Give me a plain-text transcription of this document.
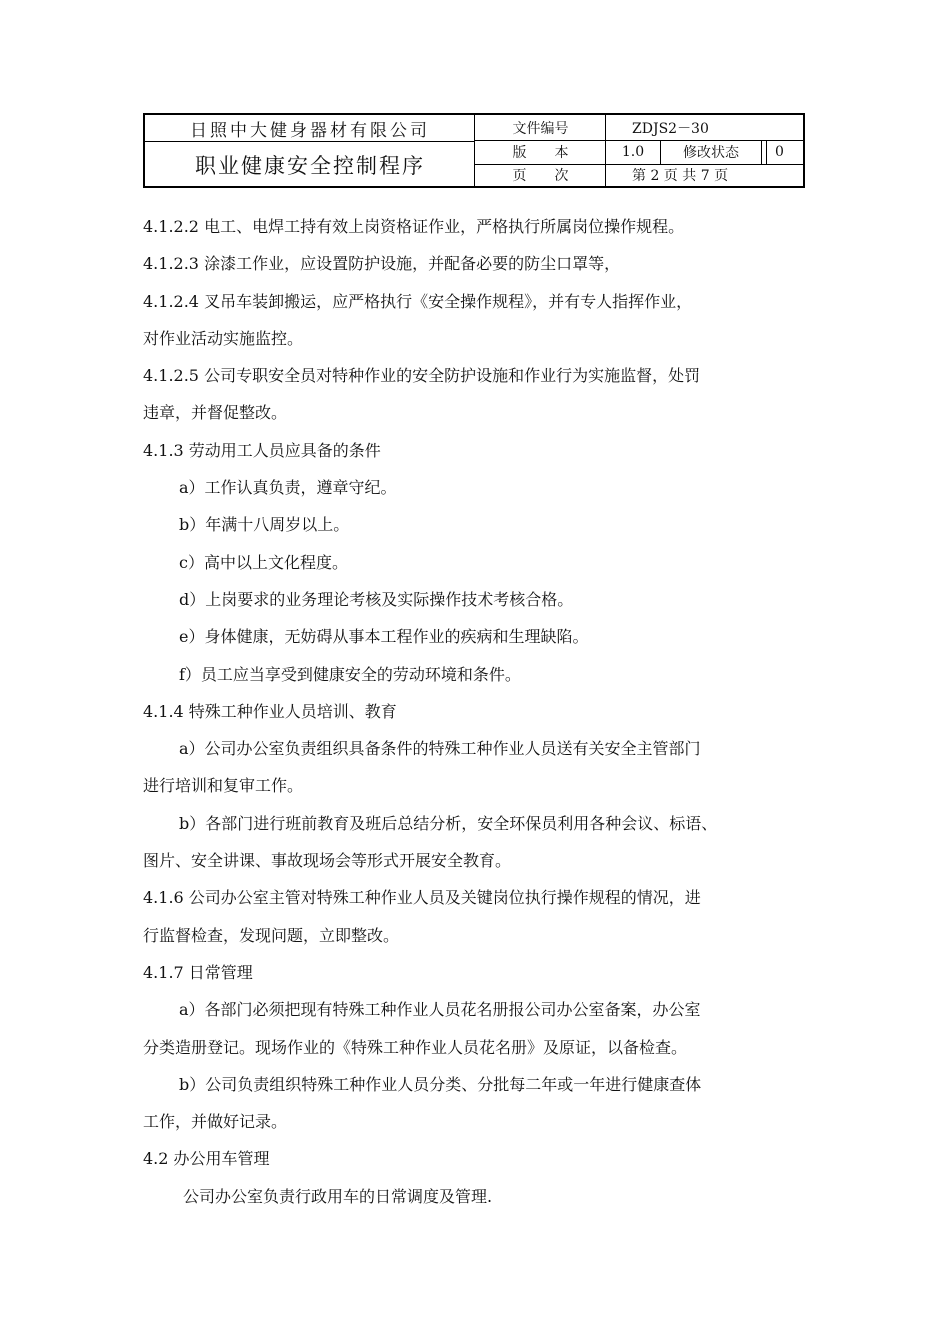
日照中大健身器材有限公司
职业健康安全控制程序
文件编号	ZDJS2－30
版　　本	1.0	修改状态	0
页　　次	第 2 页 共 7 页

4.1.2.2 电工、电焊工持有效上岗资格证作业，严格执行所属岗位操作规程。

4.1.2.3 涂漆工作业，应设置防护设施，并配备必要的防尘口罩等，

4.1.2.4 叉吊车装卸搬运，应严格执行《安全操作规程》，并有专人指挥作业，

对作业活动实施监控。

4.1.2.5 公司专职安全员对特种作业的安全防护设施和作业行为实施监督，处罚

违章，并督促整改。

4.1.3 劳动用工人员应具备的条件

a）工作认真负责，遵章守纪。

b）年满十八周岁以上。

c）高中以上文化程度。

d）上岗要求的业务理论考核及实际操作技术考核合格。

e）身体健康，无妨碍从事本工程作业的疾病和生理缺陷。

f）员工应当享受到健康安全的劳动环境和条件。

4.1.4 特殊工种作业人员培训、教育

a）公司办公室负责组织具备条件的特殊工种作业人员送有关安全主管部门

进行培训和复审工作。

b）各部门进行班前教育及班后总结分析，安全环保员利用各种会议、标语、

图片、安全讲课、事故现场会等形式开展安全教育。

4.1.6 公司办公室主管对特殊工种作业人员及关键岗位执行操作规程的情况，进

行监督检查，发现问题，立即整改。

4.1.7 日常管理

a）各部门必须把现有特殊工种作业人员花名册报公司办公室备案，办公室

分类造册登记。现场作业的《特殊工种作业人员花名册》及原证，以备检查。

b）公司负责组织特殊工种作业人员分类、分批每二年或一年进行健康查体

工作，并做好记录。

4.2 办公用车管理

公司办公室负责行政用车的日常调度及管理.
